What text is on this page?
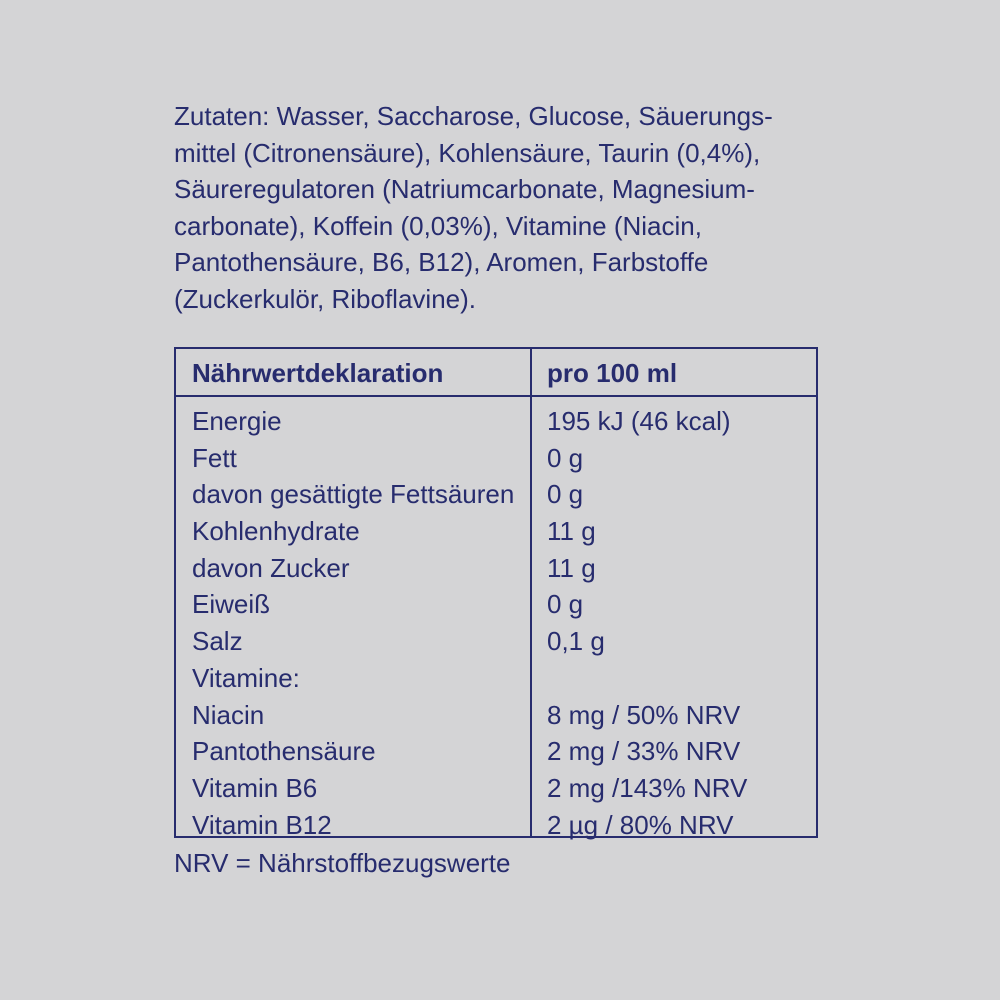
Zutaten: Wasser, Saccharose, Glucose, Säuerungs-
mittel (Citronensäure), Kohlensäure, Taurin (0,4%),
Säureregulatoren (Natriumcarbonate, Magnesium-
carbonate), Koffein (0,03%), Vitamine (Niacin,
Pantothensäure, B6, B12), Aromen, Farbstoffe
(Zuckerkulör, Riboflavine).
Nährwertdeklaration	pro 100 ml
Energie	195 kJ (46 kcal)
Fett	0 g
davon gesättigte Fettsäuren 0 g
Kohlenhydrate	11 g
davon Zucker	11 g
Eiweiß	0 g
Salz	0,1 g
Vitamine:
Niacin	8 mg / 50% NRV
Pantothensäure	2 mg / 33% NRV
Vitamin B6	2 mg /143% NRV
Vitamin B12	2 µg / 80% NRV
NRV = Nährstoffbezugswerte
